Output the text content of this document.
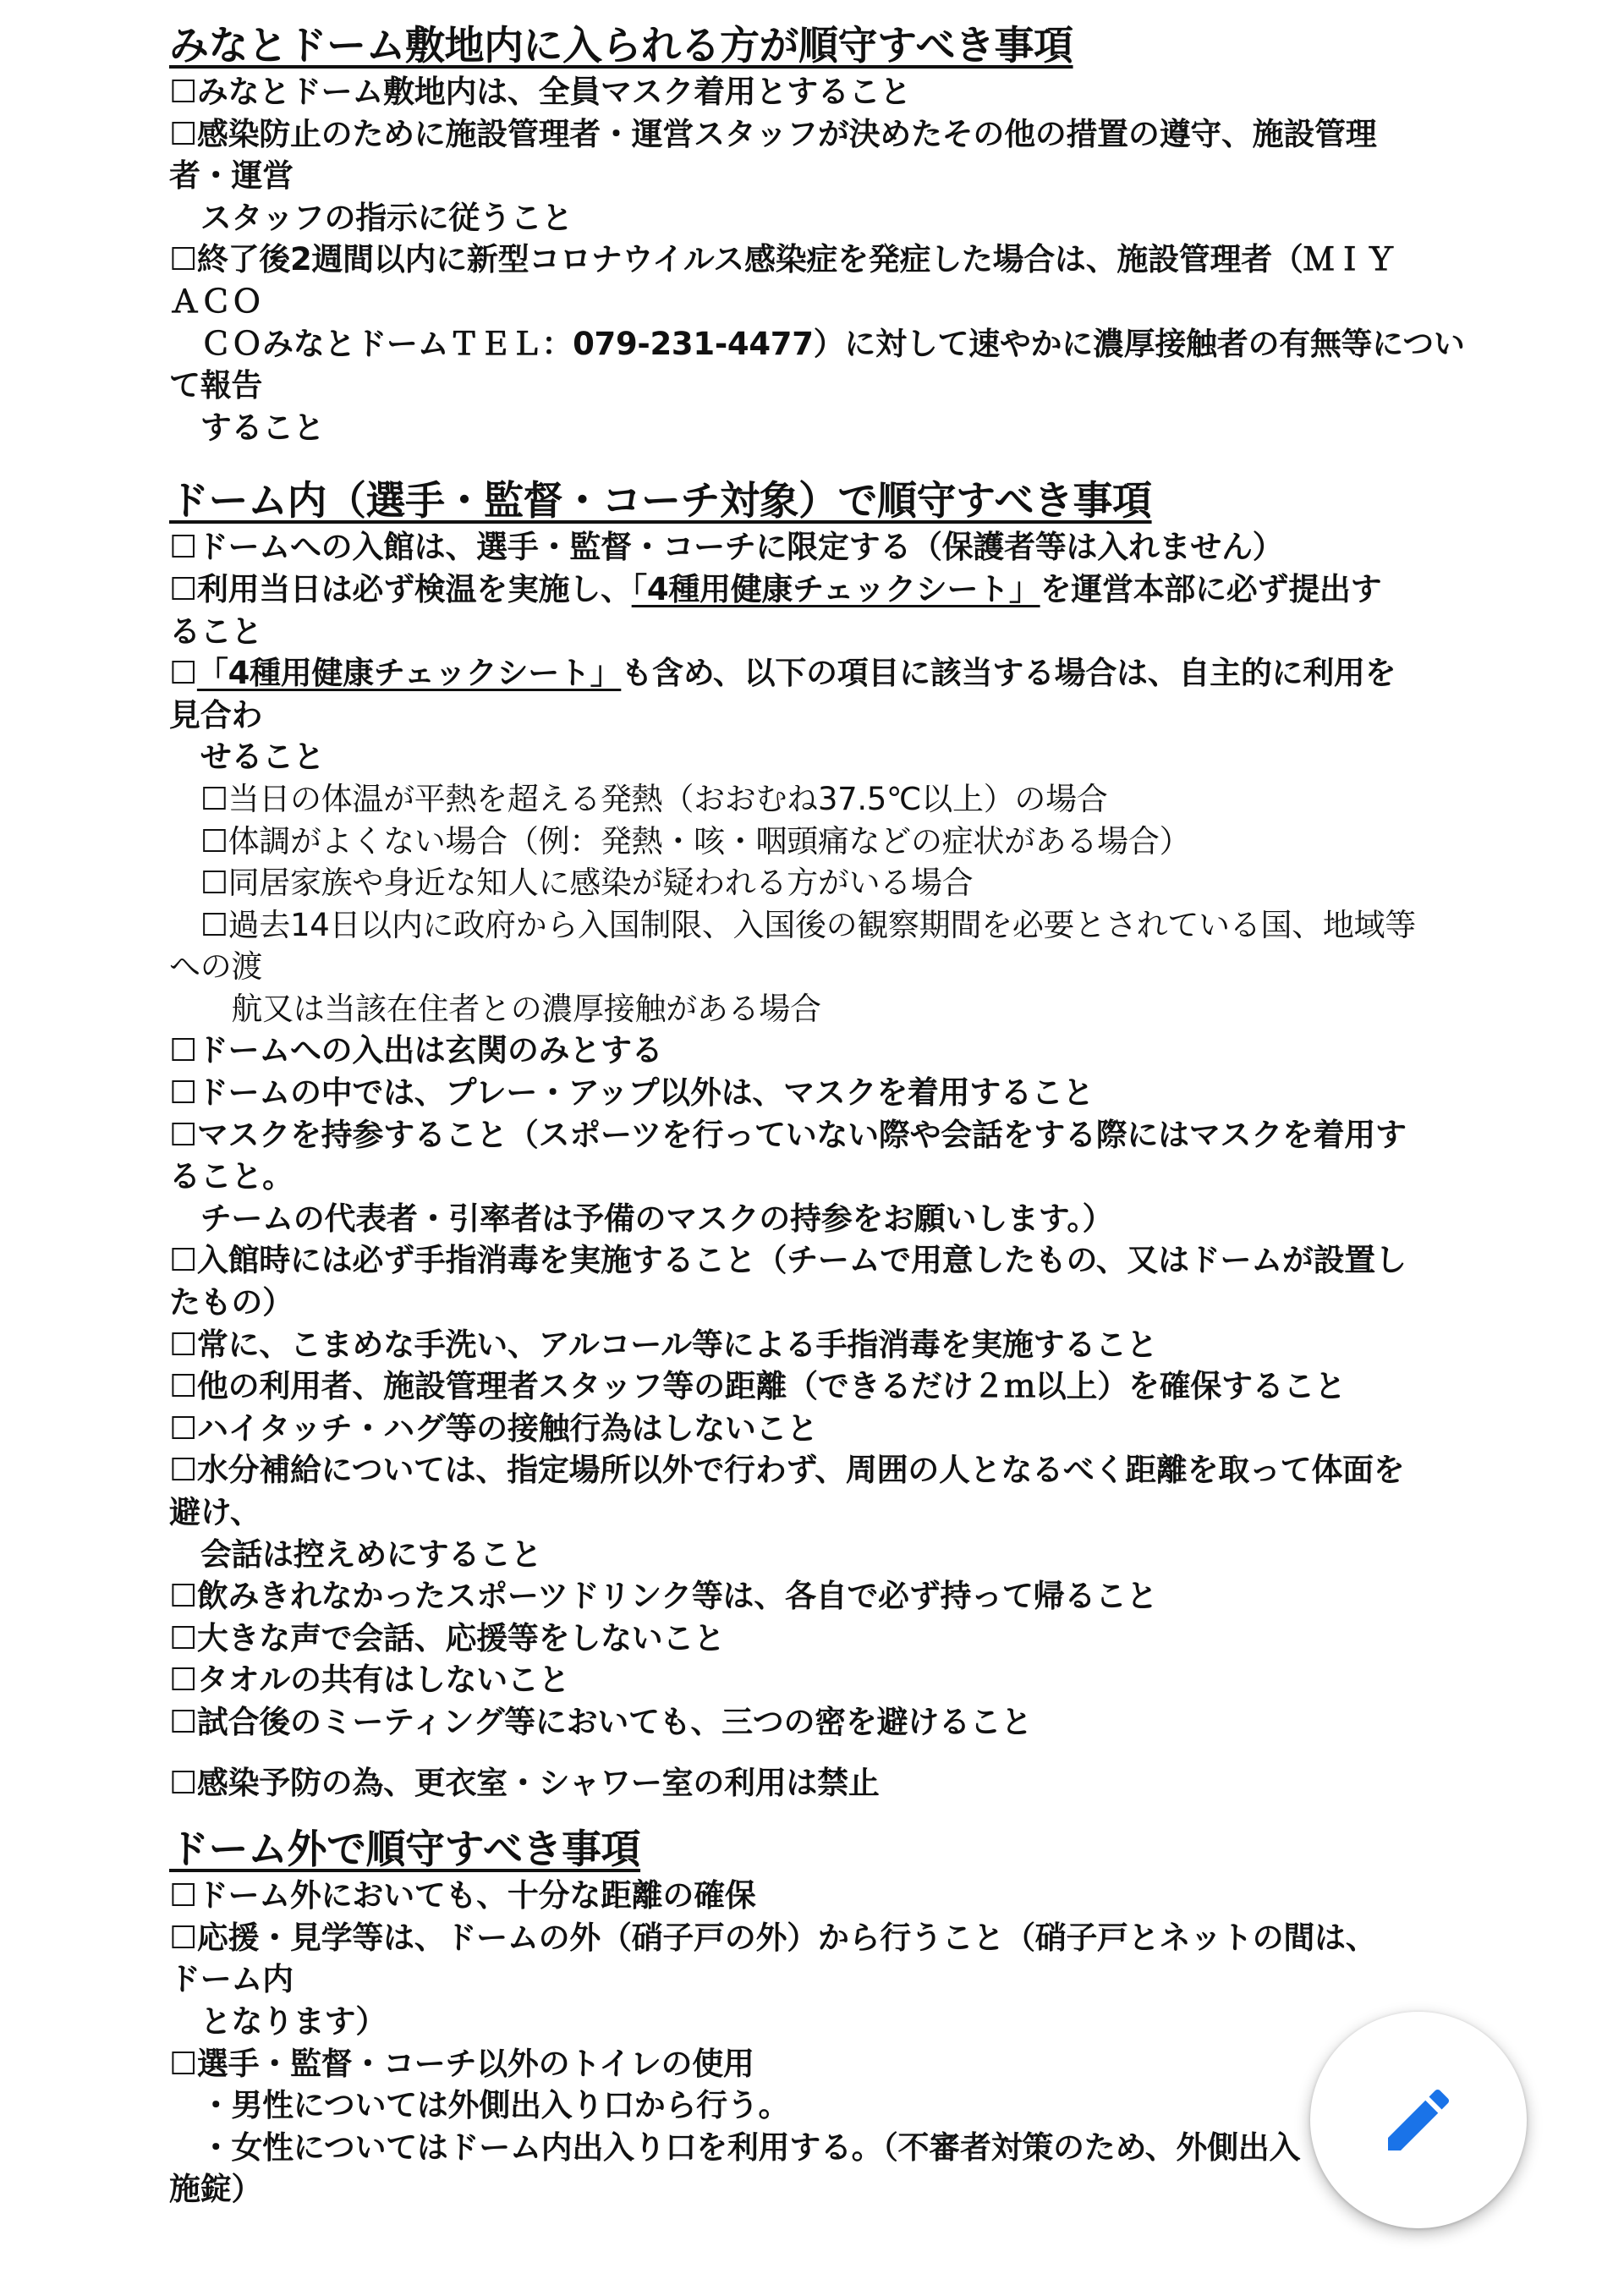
みなとドーム敷地内に入られる方が順守すべき事項
☐みなとドーム敷地内は、全員マスク着用とすること
☐感染防止のために施設管理者・運営スタッフが決めたその他の措置の遵守、施設管理
者・運営
　スタッフの指示に従うこと
☐終了後2週間以内に新型コロナウイルス感染症を発症した場合は、施設管理者（ＭＩＹ
ＡＣＯ
　ＣＯみなとドームＴＥＬ：079-231-4477）に対して速やかに濃厚接触者の有無等につい
て報告
　すること
ドーム内（選手・監督・コーチ対象）で順守すべき事項
☐ドームへの入館は、選手・監督・コーチに限定する（保護者等は入れません）
☐利用当日は必ず検温を実施し、「4種用健康チェックシート」を運営本部に必ず提出す
ること
☐「4種用健康チェックシート」も含め、以下の項目に該当する場合は、自主的に利用を
見合わ
　せること
　☐当日の体温が平熱を超える発熱（おおむね37.5℃以上）の場合
　☐体調がよくない場合（例：発熱・咳・咽頭痛などの症状がある場合）
　☐同居家族や身近な知人に感染が疑われる方がいる場合
　☐過去14日以内に政府から入国制限、入国後の観察期間を必要とされている国、地域等
への渡
　　航又は当該在住者との濃厚接触がある場合
☐ドームへの入出は玄関のみとする
☐ドームの中では、プレー・アップ以外は、マスクを着用すること
☐マスクを持参すること（スポーツを行っていない際や会話をする際にはマスクを着用す
ること。
　チームの代表者・引率者は予備のマスクの持参をお願いします。）
☐入館時には必ず手指消毒を実施すること（チームで用意したもの、又はドームが設置し
たもの）
☐常に、こまめな手洗い、アルコール等による手指消毒を実施すること
☐他の利用者、施設管理者スタッフ等の距離（できるだけ２ｍ以上）を確保すること
☐ハイタッチ・ハグ等の接触行為はしないこと
☐水分補給については、指定場所以外で行わず、周囲の人となるべく距離を取って体面を
避け、
　会話は控えめにすること
☐飲みきれなかったスポーツドリンク等は、各自で必ず持って帰ること
☐大きな声で会話、応援等をしないこと
☐タオルの共有はしないこと
☐試合後のミーティング等においても、三つの密を避けること
☐感染予防の為、更衣室・シャワー室の利用は禁止
ドーム外で順守すべき事項
☐ドーム外においても、十分な距離の確保
☐応援・見学等は、ドームの外（硝子戸の外）から行うこと（硝子戸とネットの間は、
ドーム内
　となります）
☐選手・監督・コーチ以外のトイレの使用
　・男性については外側出入り口から行う。
　・女性についてはドーム内出入り口を利用する。（不審者対策のため、外側出入
施錠）
